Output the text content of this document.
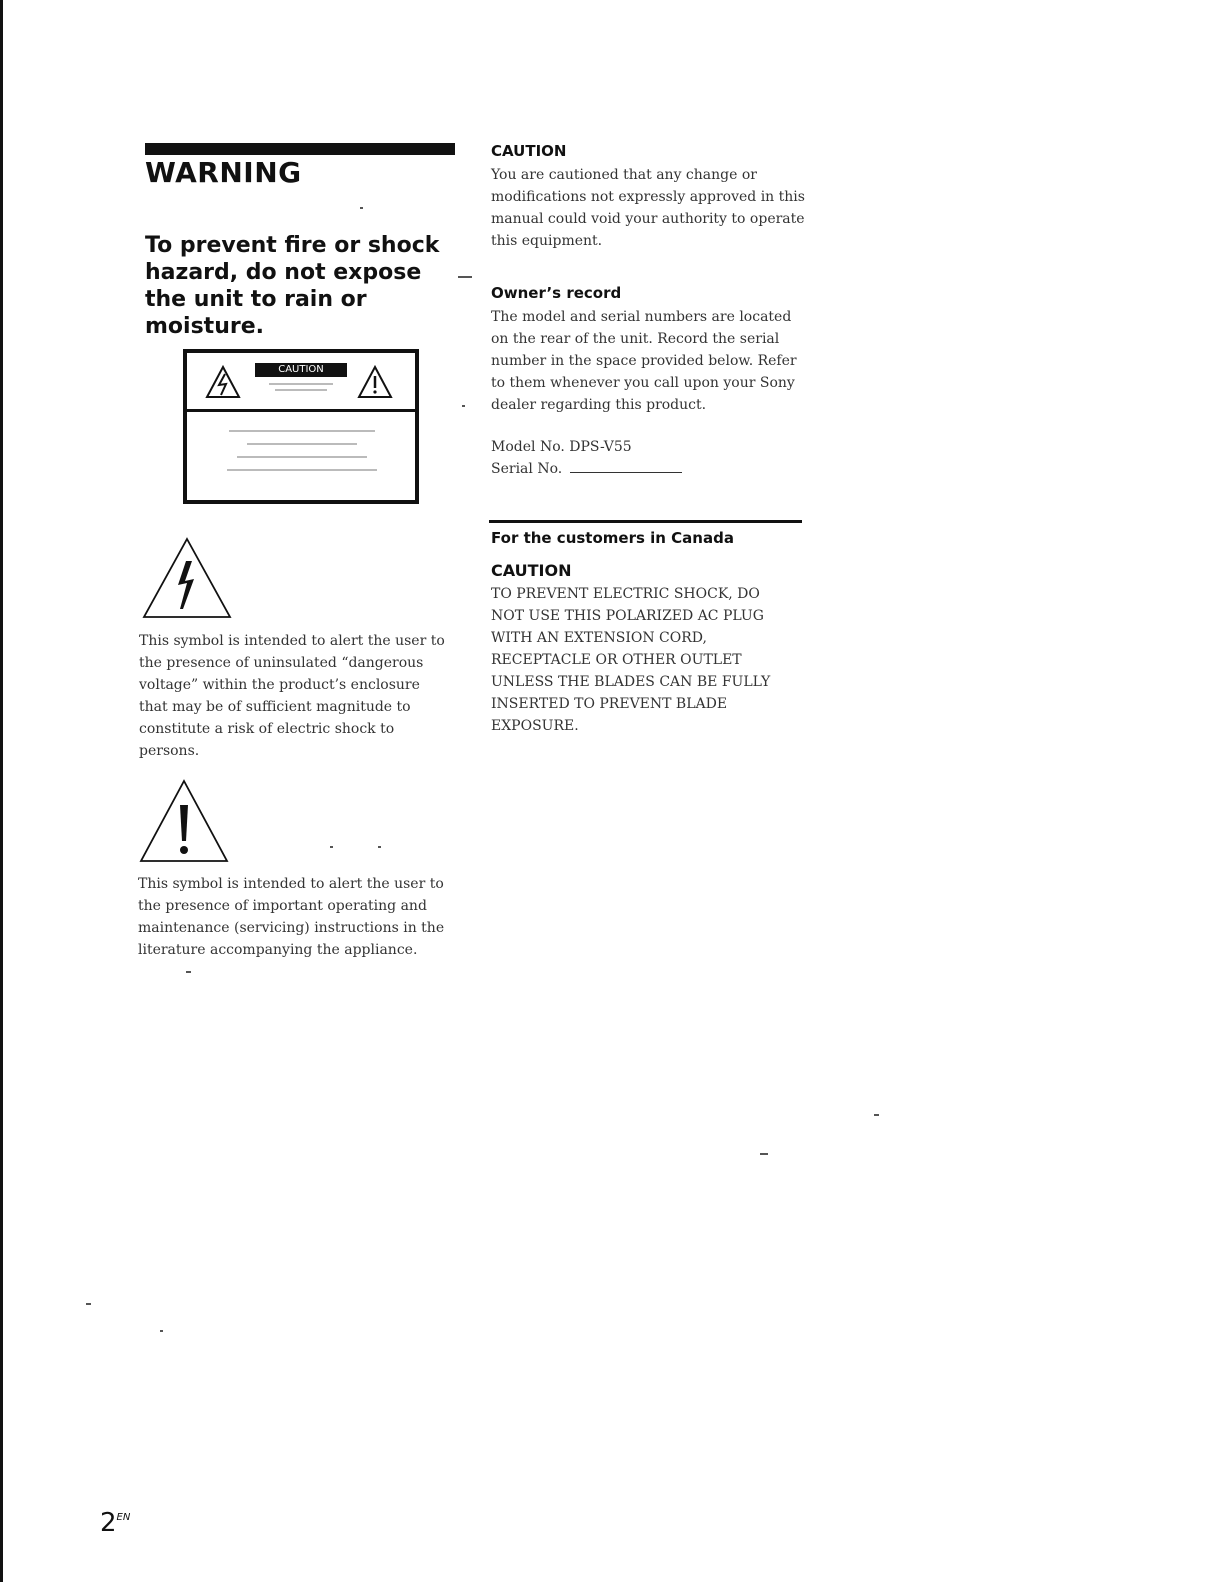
WARNING
To prevent fire or shock hazard, do not expose the unit to rain or moisture.
CAUTION
This symbol is intended to alert the user to the presence of uninsulated “dangerous voltage” within the product’s enclosure that may be of sufficient magnitude to constitute a risk of electric shock to persons.
This symbol is intended to alert the user to the presence of important operating and maintenance (servicing) instructions in the literature accompanying the appliance.
CAUTION
You are cautioned that any change or modifications not expressly approved in this manual could void your authority to operate this equipment.
Owner’s record
The model and serial numbers are located on the rear of the unit. Record the serial number in the space provided below. Refer to them whenever you call upon your Sony dealer regarding this product.
Model No. DPS-V55
Serial No.
For the customers in Canada
CAUTION
TO PREVENT ELECTRIC SHOCK, DO NOT USE THIS POLARIZED AC PLUG WITH AN EXTENSION CORD, RECEPTACLE OR OTHER OUTLET UNLESS THE BLADES CAN BE FULLY INSERTED TO PREVENT BLADE EXPOSURE.
$2^{EN}$
